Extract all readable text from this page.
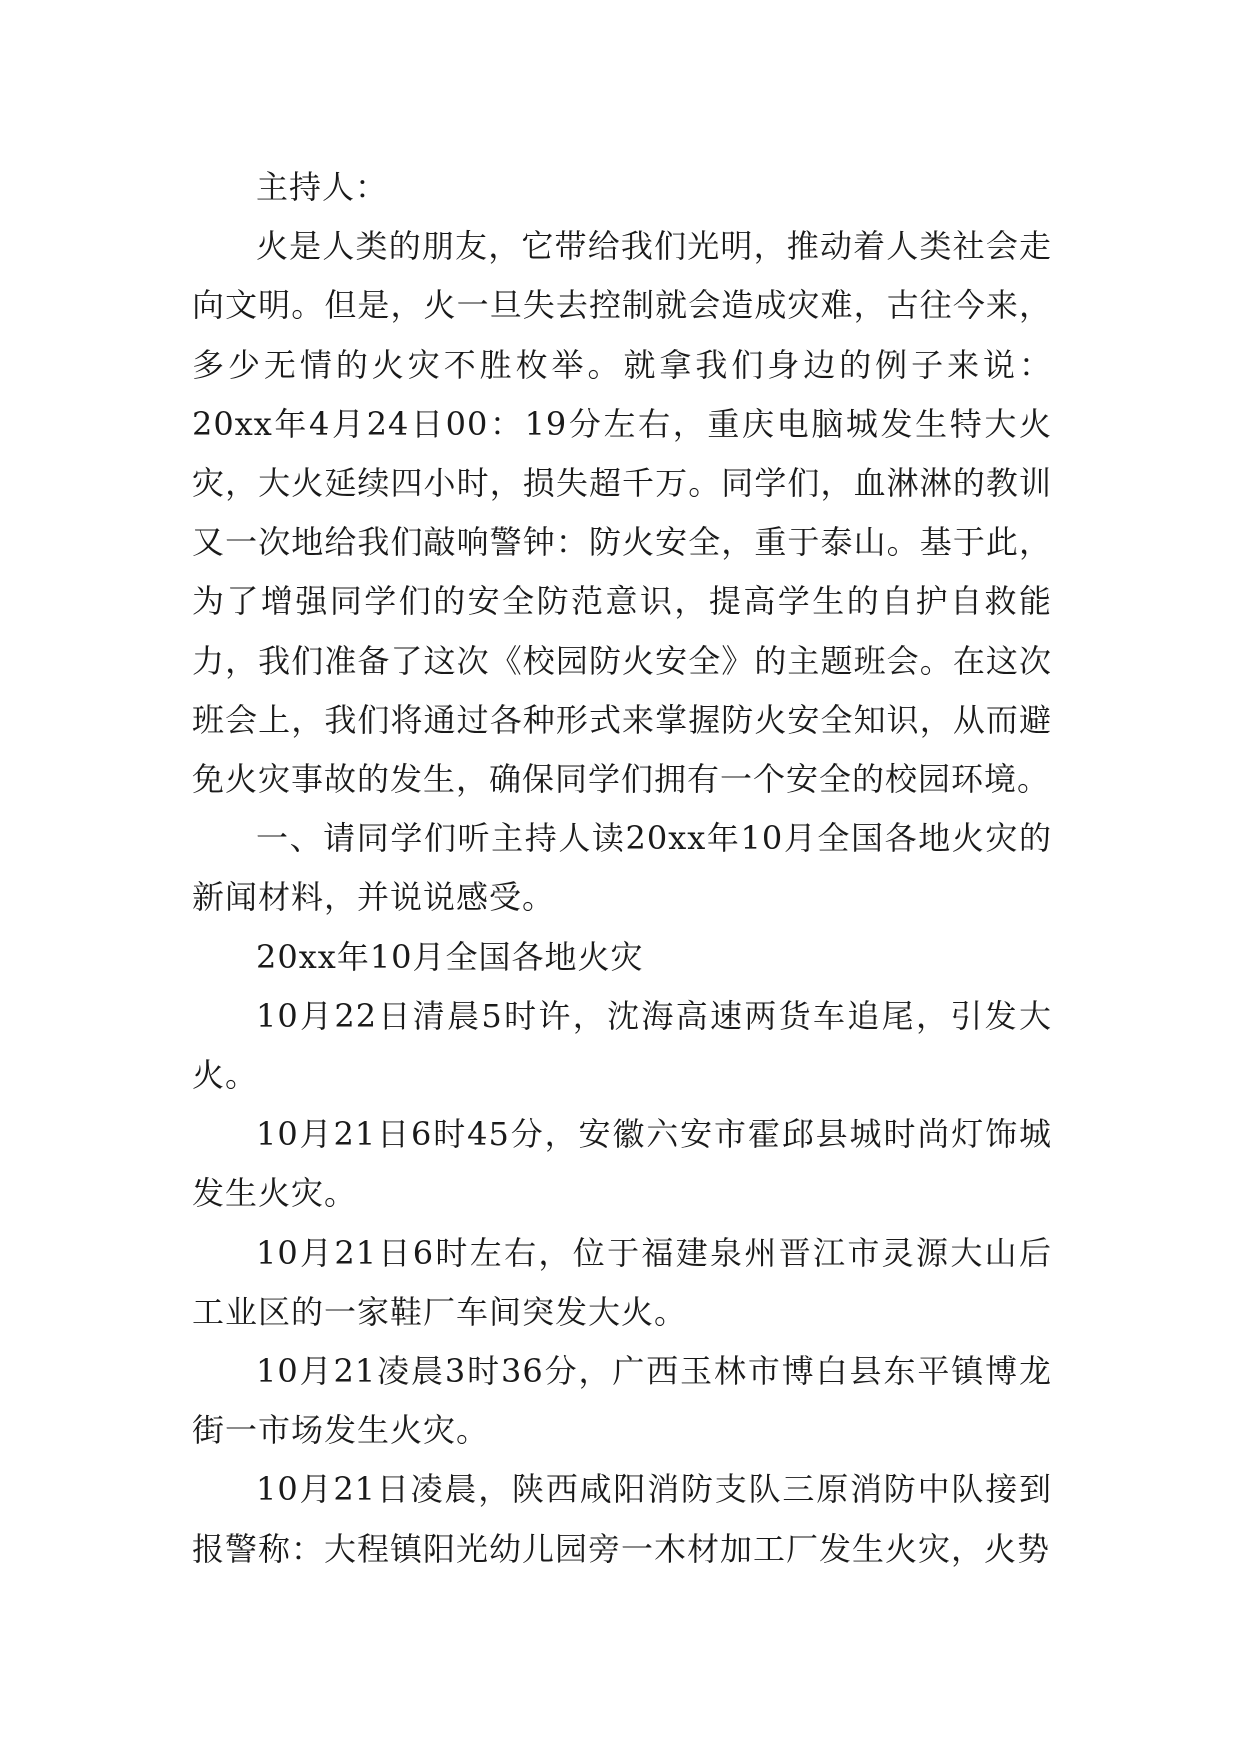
主持人：

火是人类的朋友，它带给我们光明，推动着人类社会走向文明。但是，火一旦失去控制就会造成灾难，古往今来，多少无情的火灾不胜枚举。就拿我们身边的例子来说：20xx年4月24日00：19分左右，重庆电脑城发生特大火灾，大火延续四小时，损失超千万。同学们，血淋淋的教训又一次地给我们敲响警钟：防火安全，重于泰山。基于此，为了增强同学们的安全防范意识，提高学生的自护自救能力，我们准备了这次《校园防火安全》的主题班会。在这次班会上，我们将通过各种形式来掌握防火安全知识，从而避免火灾事故的发生，确保同学们拥有一个安全的校园环境。

一、请同学们听主持人读20xx年10月全国各地火灾的新闻材料，并说说感受。

20xx年10月全国各地火灾

10月22日清晨5时许，沈海高速两货车追尾，引发大火。

10月21日6时45分，安徽六安市霍邱县城时尚灯饰城发生火灾。

10月21日6时左右，位于福建泉州晋江市灵源大山后工业区的一家鞋厂车间突发大火。

10月21凌晨3时36分，广西玉林市博白县东平镇博龙街一市场发生火灾。

10月21日凌晨，陕西咸阳消防支队三原消防中队接到报警称：大程镇阳光幼儿园旁一木材加工厂发生火灾，火势
